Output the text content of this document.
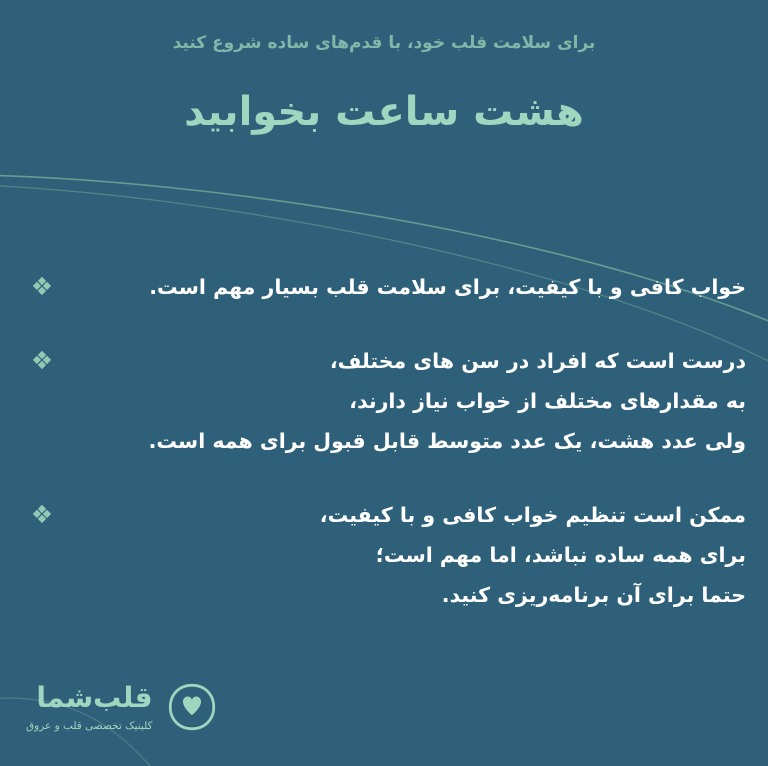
برای سلامت قلب خود، با قدم‌های ساده شروع کنید
هشت ساعت بخوابید
خواب کافی و با کیفیت، برای سلامت قلب بسیار مهم است.
❖
درست است که افراد در سن های مختلف،
به مقدارهای مختلف از خواب نیاز دارند،
ولی عدد هشت، یک عدد متوسط قابل قبول برای همه است.
❖
ممکن است تنظیم خواب کافی و با کیفیت،
برای همه ساده نباشد، اما مهم است؛
حتما برای آن برنامه‌ریزی کنید.
❖
قلب‌شما
کلینیک تخصصی قلب و عروق
